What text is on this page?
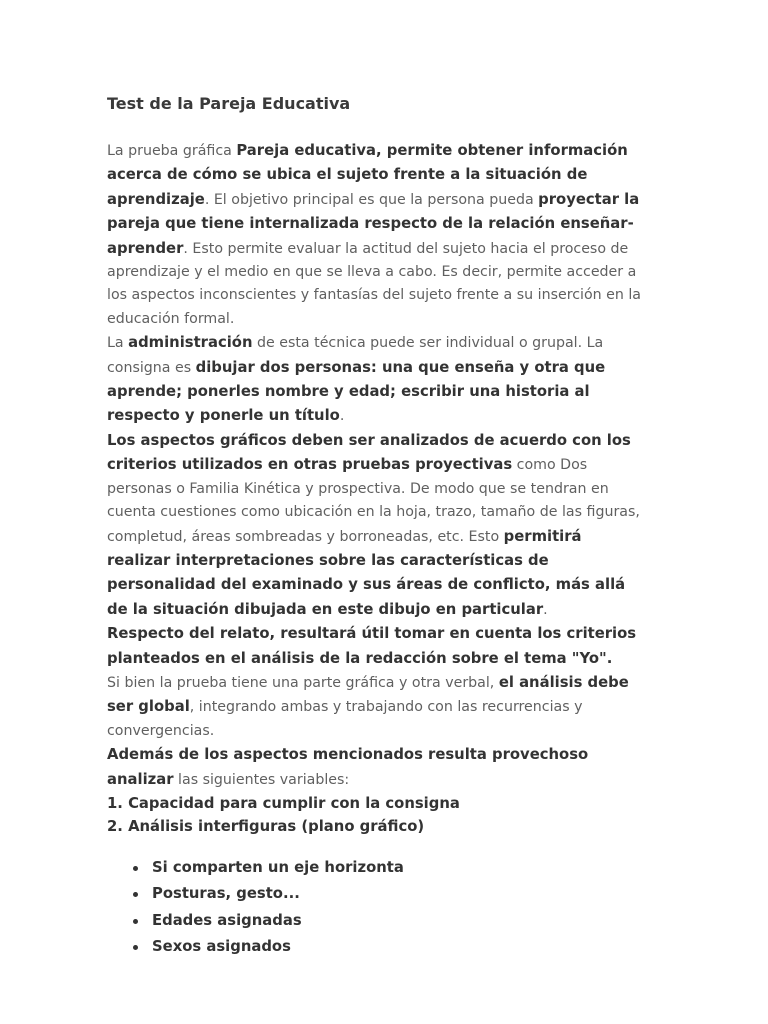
Test de la Pareja Educativa

La prueba gráfica Pareja educativa, permite obtener información acerca de cómo se ubica el sujeto frente a la situación de aprendizaje. El objetivo principal es que la persona pueda proyectar la pareja que tiene internalizada respecto de la relación enseñar-aprender. Esto permite evaluar la actitud del sujeto hacia el proceso de aprendizaje y el medio en que se lleva a cabo. Es decir, permite acceder a los aspectos inconscientes y fantasías del sujeto frente a su inserción en la educación formal.

La administración de esta técnica puede ser individual o grupal. La consigna es dibujar dos personas: una que enseña y otra que aprende; ponerles nombre y edad; escribir una historia al respecto y ponerle un título.

Los aspectos gráficos deben ser analizados de acuerdo con los criterios utilizados en otras pruebas proyectivas como Dos personas o Familia Kinética y prospectiva. De modo que se tendran en cuenta cuestiones como ubicación en la hoja, trazo, tamaño de las figuras, completud, áreas sombreadas y borroneadas, etc. Esto permitirá realizar interpretaciones sobre las características de personalidad del examinado y sus áreas de conflicto, más allá de la situación dibujada en este dibujo en particular.

Respecto del relato, resultará útil tomar en cuenta los criterios planteados en el análisis de la redacción sobre el tema "Yo".

Si bien la prueba tiene una parte gráfica y otra verbal, el análisis debe ser global, integrando ambas y trabajando con las recurrencias y convergencias.

Además de los aspectos mencionados resulta provechoso analizar las siguientes variables:

1. Capacidad para cumplir con la consigna
2. Análisis interfiguras (plano gráfico)
Si comparten un eje horizonta
Posturas, gesto...
Edades asignadas
Sexos asignados
